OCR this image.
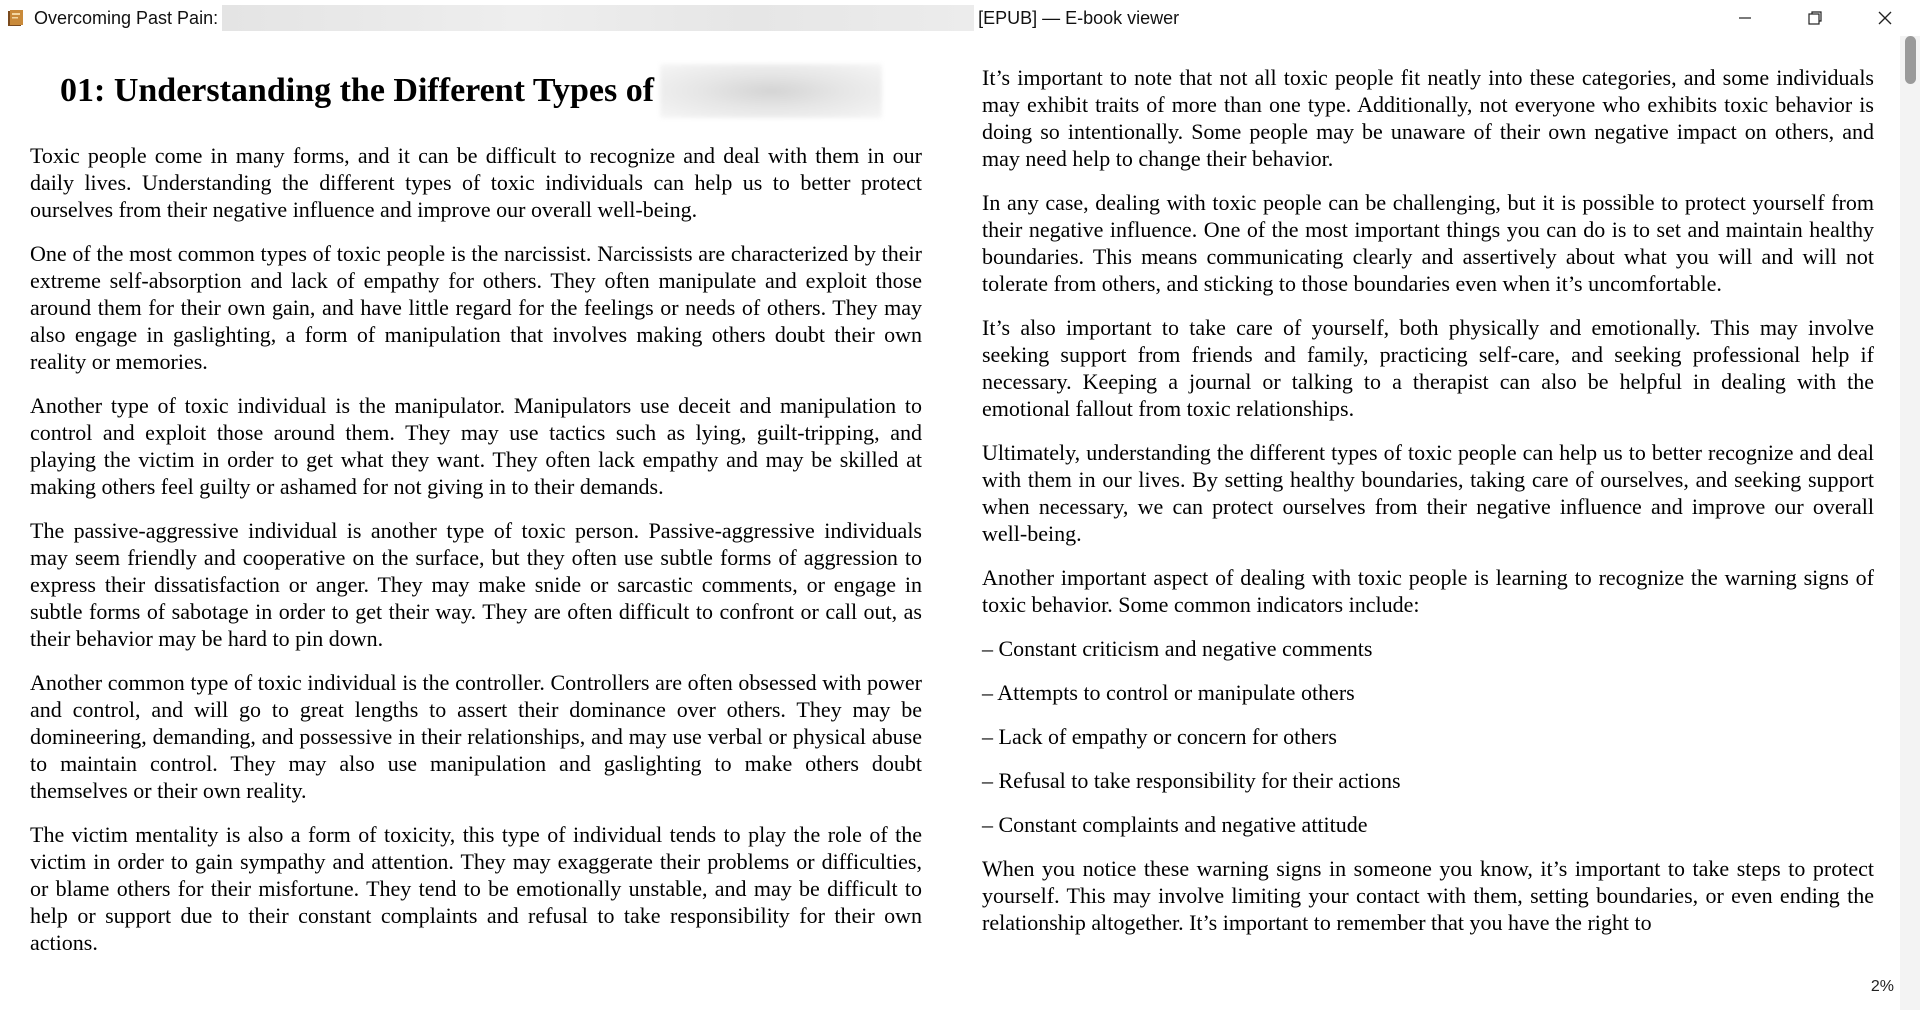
Overcoming Past Pain:	[EPUB] — E-book viewer
01: Understanding the Different Types of

Toxic people come in many forms, and it can be difficult to recognize and deal with them in our daily lives. Understanding the different types of toxic individuals can help us to better protect ourselves from their negative influence and improve our overall well-being.

One of the most common types of toxic people is the narcissist. Narcissists are characterized by their extreme self-absorption and lack of empathy for others. They often manipulate and exploit those around them for their own gain, and have little regard for the feelings or needs of others. They may also engage in gaslighting, a form of manipulation that involves making others doubt their own reality or memories.

Another type of toxic individual is the manipulator. Manipulators use deceit and manipulation to control and exploit those around them. They may use tactics such as lying, guilt-tripping, and playing the victim in order to get what they want. They often lack empathy and may be skilled at making others feel guilty or ashamed for not giving in to their demands.

The passive-aggressive individual is another type of toxic person. Passive-aggressive individuals may seem friendly and cooperative on the surface, but they often use subtle forms of aggression to express their dissatisfaction or anger. They may make snide or sarcastic comments, or engage in subtle forms of sabotage in order to get their way. They are often difficult to confront or call out, as their behavior may be hard to pin down.

Another common type of toxic individual is the controller. Controllers are often obsessed with power and control, and will go to great lengths to assert their dominance over others. They may be domineering, demanding, and possessive in their relationships, and may use verbal or physical abuse to maintain control. They may also use manipulation and gaslighting to make others doubt themselves or their own reality.

The victim mentality is also a form of toxicity, this type of individual tends to play the role of the victim in order to gain sympathy and attention. They may exaggerate their problems or difficulties, or blame others for their misfortune. They tend to be emotionally unstable, and may be difficult to help or support due to their constant complaints and refusal to take responsibility for their own actions.

It’s important to note that not all toxic people fit neatly into these categories, and some individuals may exhibit traits of more than one type. Additionally, not everyone who exhibits toxic behavior is doing so intentionally. Some people may be unaware of their own negative impact on others, and may need help to change their behavior.

In any case, dealing with toxic people can be challenging, but it is possible to protect yourself from their negative influence. One of the most important things you can do is to set and maintain healthy boundaries. This means communicating clearly and assertively about what you will and will not tolerate from others, and sticking to those boundaries even when it’s uncomfortable.

It’s also important to take care of yourself, both physically and emotionally. This may involve seeking support from friends and family, practicing self-care, and seeking professional help if necessary. Keeping a journal or talking to a therapist can also be helpful in dealing with the emotional fallout from toxic relationships.

Ultimately, understanding the different types of toxic people can help us to better recognize and deal with them in our lives. By setting healthy boundaries, taking care of ourselves, and seeking support when necessary, we can protect ourselves from their negative influence and improve our overall well-being.

Another important aspect of dealing with toxic people is learning to recognize the warning signs of toxic behavior. Some common indicators include:

– Constant criticism and negative comments

– Attempts to control or manipulate others

– Lack of empathy or concern for others

– Refusal to take responsibility for their actions

– Constant complaints and negative attitude

When you notice these warning signs in someone you know, it’s important to take steps to protect yourself. This may involve limiting your contact with them, setting boundaries, or even ending the relationship altogether. It’s important to remember that you have the right to

2%
